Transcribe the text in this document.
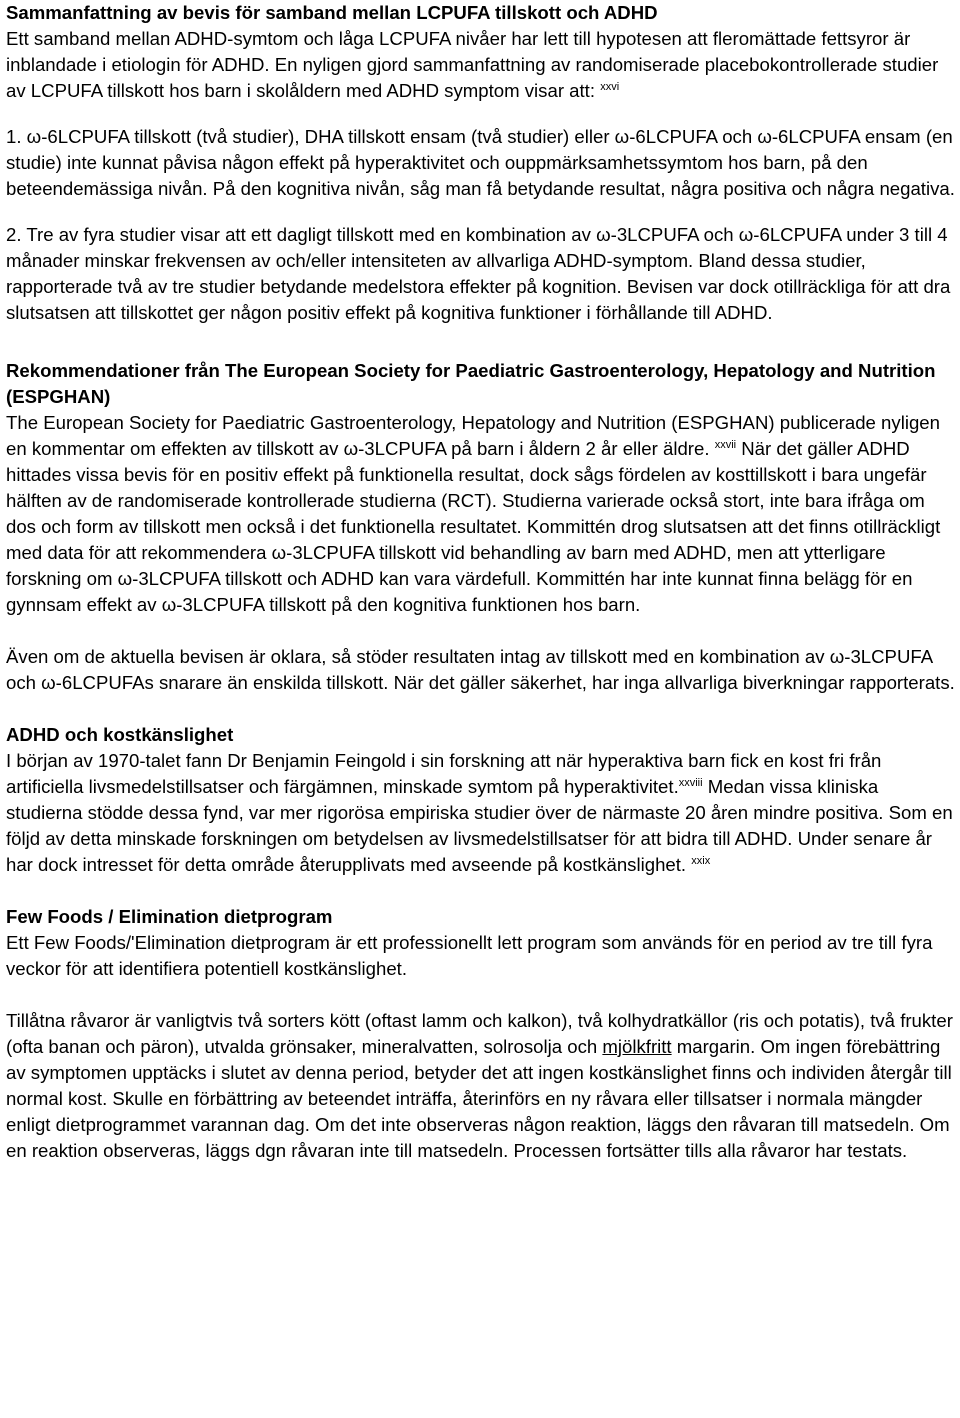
Sammanfattning av bevis för samband mellan LCPUFA tillskott och ADHD

Ett samband mellan ADHD-symtom och låga LCPUFA nivåer har lett till hypotesen att fleromättade fettsyror är inblandade i etiologin för ADHD. En nyligen gjord sammanfattning av randomiserade placebokontrollerade studier av LCPUFA tillskott hos barn i skolåldern med ADHD symptom visar att: $^{xxvi}$

1. ω-6LCPUFA tillskott (två studier), DHA tillskott ensam (två studier) eller ω-6LCPUFA och ω-6LCPUFA ensam (en studie) inte kunnat påvisa någon effekt på hyperaktivitet och ouppmärksamhetssymtom hos barn, på den beteendemässiga nivån. På den kognitiva nivån, såg man få betydande resultat, några positiva och några negativa.

2. Tre av fyra studier visar att ett dagligt tillskott med en kombination av ω-3LCPUFA och ω-6LCPUFA under 3 till 4 månader minskar frekvensen av och/eller intensiteten av allvarliga ADHD-symptom. Bland dessa studier, rapporterade två av tre studier betydande medelstora effekter på kognition. Bevisen var dock otillräckliga för att dra slutsatsen att tillskottet ger någon positiv effekt på kognitiva funktioner i förhållande till ADHD.

Rekommendationer från The European Society for Paediatric Gastroenterology, Hepatology and Nutrition (ESPGHAN)

The European Society for Paediatric Gastroenterology, Hepatology and Nutrition (ESPGHAN) publicerade nyligen en kommentar om effekten av tillskott av ω-3LCPUFA på barn i åldern 2 år eller äldre. $^{xxvii}$ När det gäller ADHD hittades vissa bevis för en positiv effekt på funktionella resultat, dock sågs fördelen av kosttillskott i bara ungefär hälften av de randomiserade kontrollerade studierna (RCT). Studierna varierade också stort, inte bara ifråga om dos och form av tillskott men också i det funktionella resultatet. Kommittén drog slutsatsen att det finns otillräckligt med data för att rekommendera ω-3LCPUFA tillskott vid behandling av barn med ADHD, men att ytterligare forskning om ω-3LCPUFA tillskott och ADHD kan vara värdefull. Kommittén har inte kunnat finna belägg för en gynnsam effekt av ω-3LCPUFA tillskott på den kognitiva funktionen hos barn.

Även om de aktuella bevisen är oklara, så stöder resultaten intag av tillskott med en kombination av ω-3LCPUFA och ω-6LCPUFAs snarare än enskilda tillskott. När det gäller säkerhet, har inga allvarliga biverkningar rapporterats.

ADHD och kostkänslighet

I början av 1970-talet fann Dr Benjamin Feingold i sin forskning att när hyperaktiva barn fick en kost fri från artificiella livsmedelstillsatser och färgämnen, minskade symtom på hyperaktivitet.$^{xxviii}$ Medan vissa kliniska studierna stödde dessa fynd, var mer rigorösa empiriska studier över de närmaste 20 åren mindre positiva. Som en följd av detta minskade forskningen om betydelsen av livsmedelstillsatser för att bidra till ADHD. Under senare år har dock intresset för detta område återupplivats med avseende på kostkänslighet. $^{xxix}$

Few Foods / Elimination dietprogram

Ett Few Foods/'Elimination dietprogram är ett professionellt lett program som används för en period av tre till fyra veckor för att identifiera potentiell kostkänslighet.

Tillåtna råvaror är vanligtvis två sorters kött (oftast lamm och kalkon), två kolhydratkällor (ris och potatis), två frukter (ofta banan och päron), utvalda grönsaker, mineralvatten, solrosolja och mjölkfritt margarin. Om ingen förebättring av symptomen upptäcks i slutet av denna period, betyder det att ingen kostkänslighet finns och individen återgår till normal kost. Skulle en förbättring av beteendet inträffa, återinförs en ny råvara eller tillsatser i normala mängder enligt dietprogrammet varannan dag. Om det inte observeras någon reaktion, läggs den råvaran till matsedeln. Om en reaktion observeras, läggs dgn råvaran inte till matsedeln. Processen fortsätter tills alla råvaror har testats.
